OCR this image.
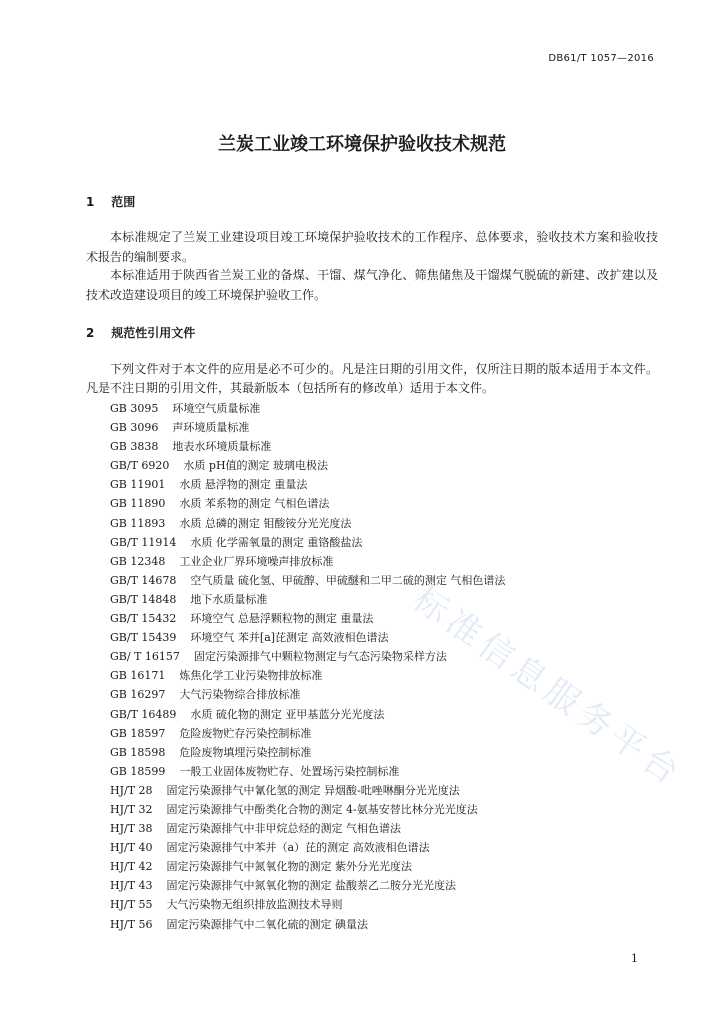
DB61/T 1057—2016
兰炭工业竣工环境保护验收技术规范
1 范围
本标准规定了兰炭工业建设项目竣工环境保护验收技术的工作程序、总体要求，验收技术方案和验收技术报告的编制要求。
本标准适用于陕西省兰炭工业的备煤、干馏、煤气净化、筛焦储焦及干馏煤气脱硫的新建、改扩建以及技术改造建设项目的竣工环境保护验收工作。
2 规范性引用文件
下列文件对于本文件的应用是必不可少的。凡是注日期的引用文件，仅所注日期的版本适用于本文件。凡是不注日期的引用文件，其最新版本（包括所有的修改单）适用于本文件。
GB 3095 环境空气质量标准
GB 3096 声环境质量标准
GB 3838 地表水环境质量标准
GB/T 6920 水质 pH值的测定 玻璃电极法
GB 11901 水质 悬浮物的测定 重量法
GB 11890 水质 苯系物的测定 气相色谱法
GB 11893 水质 总磷的测定 钼酸铵分光光度法
GB/T 11914 水质 化学需氧量的测定 重铬酸盐法
GB 12348 工业企业厂界环境噪声排放标准
GB/T 14678 空气质量 硫化氢、甲硫醇、甲硫醚和二甲二硫的测定 气相色谱法
GB/T 14848 地下水质量标准
GB/T 15432 环境空气 总悬浮颗粒物的测定 重量法
GB/T 15439 环境空气 苯并[a]芘测定 高效液相色谱法
GB/ T 16157 固定污染源排气中颗粒物测定与气态污染物采样方法
GB 16171 炼焦化学工业污染物排放标准
GB 16297 大气污染物综合排放标准
GB/T 16489 水质 硫化物的测定 亚甲基蓝分光光度法
GB 18597 危险废物贮存污染控制标准
GB 18598 危险废物填埋污染控制标准
GB 18599 一般工业固体废物贮存、处置场污染控制标准
HJ/T 28 固定污染源排气中氰化氢的测定 异烟酸-吡唑啉酮分光光度法
HJ/T 32 固定污染源排气中酚类化合物的测定 4-氨基安替比林分光光度法
HJ/T 38 固定污染源排气中非甲烷总烃的测定 气相色谱法
HJ/T 40 固定污染源排气中苯并（a）芘的测定 高效液相色谱法
HJ/T 42 固定污染源排气中氮氧化物的测定 紫外分光光度法
HJ/T 43 固定污染源排气中氮氧化物的测定 盐酸萘乙二胺分光光度法
HJ/T 55 大气污染物无组织排放监测技术导则
HJ/T 56 固定污染源排气中二氧化硫的测定 碘量法
标准信息服务平台
1
